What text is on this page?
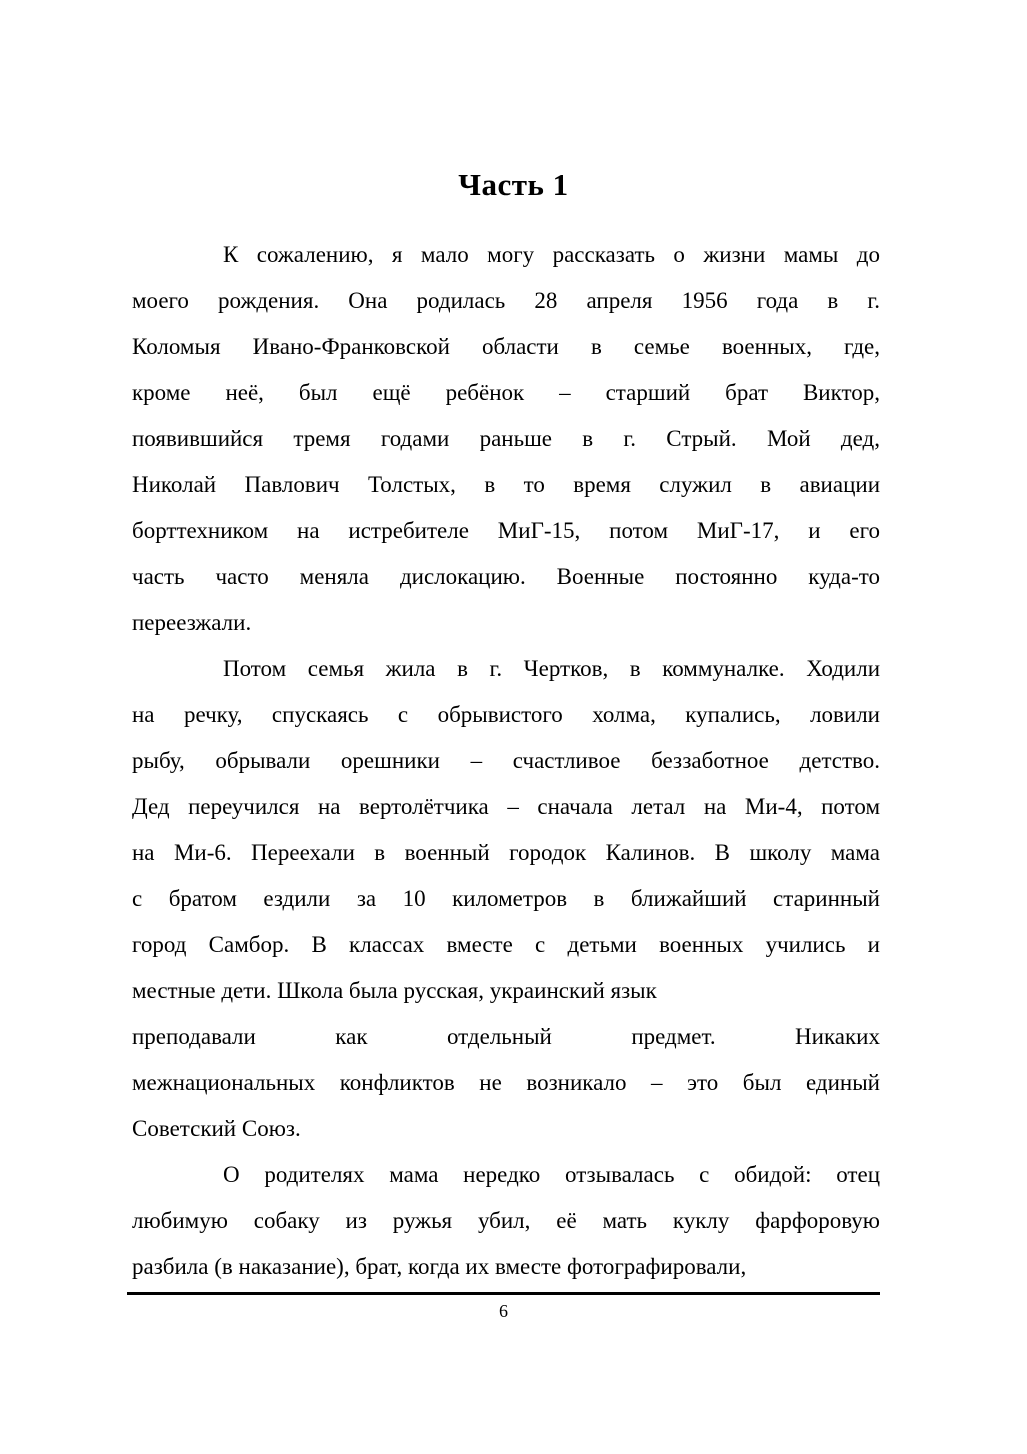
Часть 1
К сожалению, я мало могу рассказать о жизни мамы до
моего рождения. Она родилась 28 апреля 1956 года в г.
Коломыя Ивано-Франковской области в семье военных, где,
кроме неё, был ещё ребёнок – старший брат Виктор,
появившийся тремя годами раньше в г. Стрый. Мой дед,
Николай Павлович Толстых, в то время служил в авиации
борттехником на истребителе МиГ-15, потом МиГ-17, и его
часть часто меняла дислокацию. Военные постоянно куда-то
переезжали.
Потом семья жила в г. Чертков, в коммуналке. Ходили
на речку, спускаясь с обрывистого холма, купались, ловили
рыбу, обрывали орешники – счастливое беззаботное детство.
Дед переучился на вертолётчика – сначала летал на Ми-4, потом
на Ми-6. Переехали в военный городок Калинов. В школу мама
с братом ездили за 10 километров в ближайший старинный
город Самбор. В классах вместе с детьми военных учились и
местные дети. Школа была русская, украинский язык
преподавали как отдельный предмет. Никаких
межнациональных конфликтов не возникало – это был единый
Советский Союз.
О родителях мама нередко отзывалась с обидой: отец
любимую собаку из ружья убил, её мать куклу фарфоровую
разбила (в наказание), брат, когда их вместе фотографировали,
6
